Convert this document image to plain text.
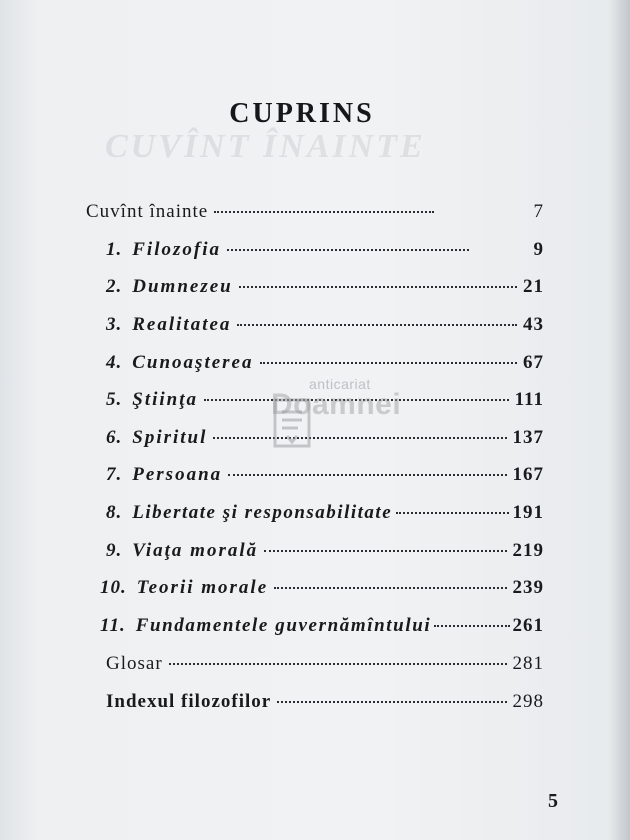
CUVÎNT ÎNAINTE
CUPRINS
Cuvînt înainte	7
1. Filozofia	9
2. Dumnezeu	21
3. Realitatea	43
4. Cunoaşterea	67
5. Ştiinţa	111
6. Spiritul	137
7. Persoana	167
8. Libertate şi responsabilitate	191
9. Viaţa morală	219
10. Teorii morale	239
11. Fundamentele guvernămîntului	261
Glosar	281
Indexul filozofilor	298
anticariat
Doamnei
5
